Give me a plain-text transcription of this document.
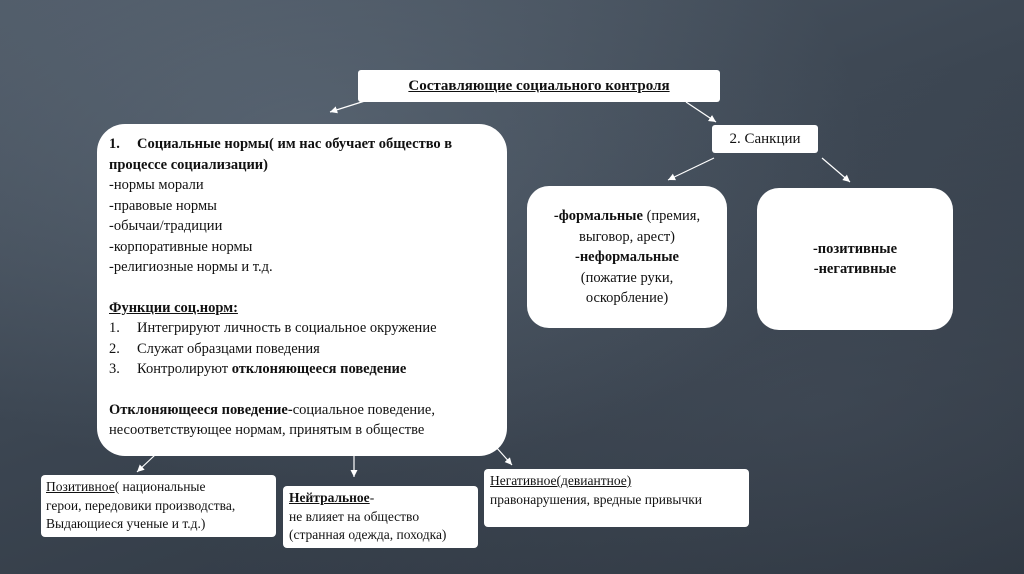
Составляющие социального контроля
2. Санкции
1. Социальные нормы( им нас обучает общество в процессе социализации)
-нормы морали
-правовые нормы
-обычаи/традиции
-корпоративные нормы
-религиозные нормы и т.д.
Функции соц.норм:
1.	Интегрируют личность в социальное окружение
2.	Служат образцами поведения
3.	Контролируют отклоняющееся поведение
Отклоняющееся поведение-социальное поведение, несоответствующее нормам, принятым в обществе
-формальные (премия,
выговор, арест)
-неформальные
(пожатие руки,
оскорбление)
-позитивные
-негативные
Позитивное( национальные
герои, передовики производства,
Выдающиеся ученые и т.д.)
Нейтральное-
не влияет на общество
(странная одежда, походка)
Негативное(девиантное)
правонарушения, вредные привычки
